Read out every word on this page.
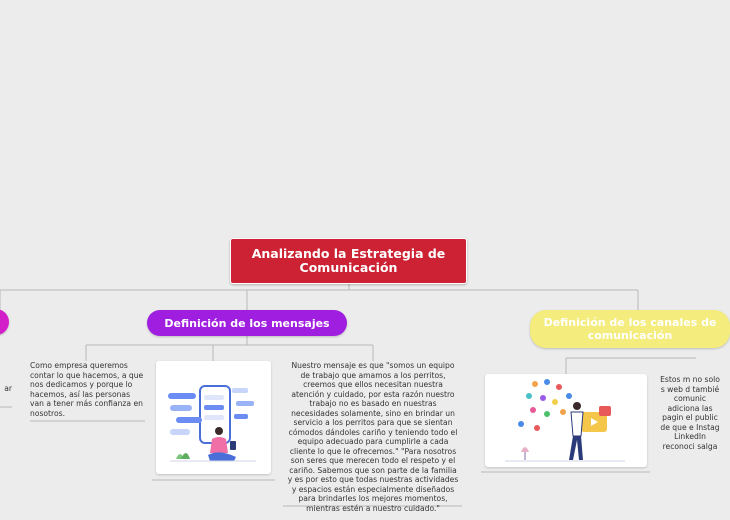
Analizando la Estrategia de Comunicación
ar
Definición de los mensajes	Definición de los canales de comunicación
Como empresa queremos contar lo que hacemos, a que nos dedicamos y porque lo hacemos, así las personas van a tener más confianza en nosotros.
Nuestro mensaje es que "somos un equipo de trabajo que amamos a los perritos, creemos que ellos necesitan nuestra atención y cuidado, por esta razón nuestro trabajo no es basado en nuestras necesidades solamente, sino en brindar un servicio a los perritos para que se sientan cómodos dándoles cariño y teniendo todo el equipo adecuado para cumplirle a cada cliente lo que le ofrecemos." "Para nosotros son seres que merecen todo el respeto y el cariño. Sabemos que son parte de la familia y es por esto que todas nuestras actividades y espacios están especialmente diseñados para brindarles los mejores momentos, mientras estén a nuestro cuidado."
Estos m no solo s web d tambié comunic adiciona las pagin el public de que e Instag LinkedIn reconoci salga
